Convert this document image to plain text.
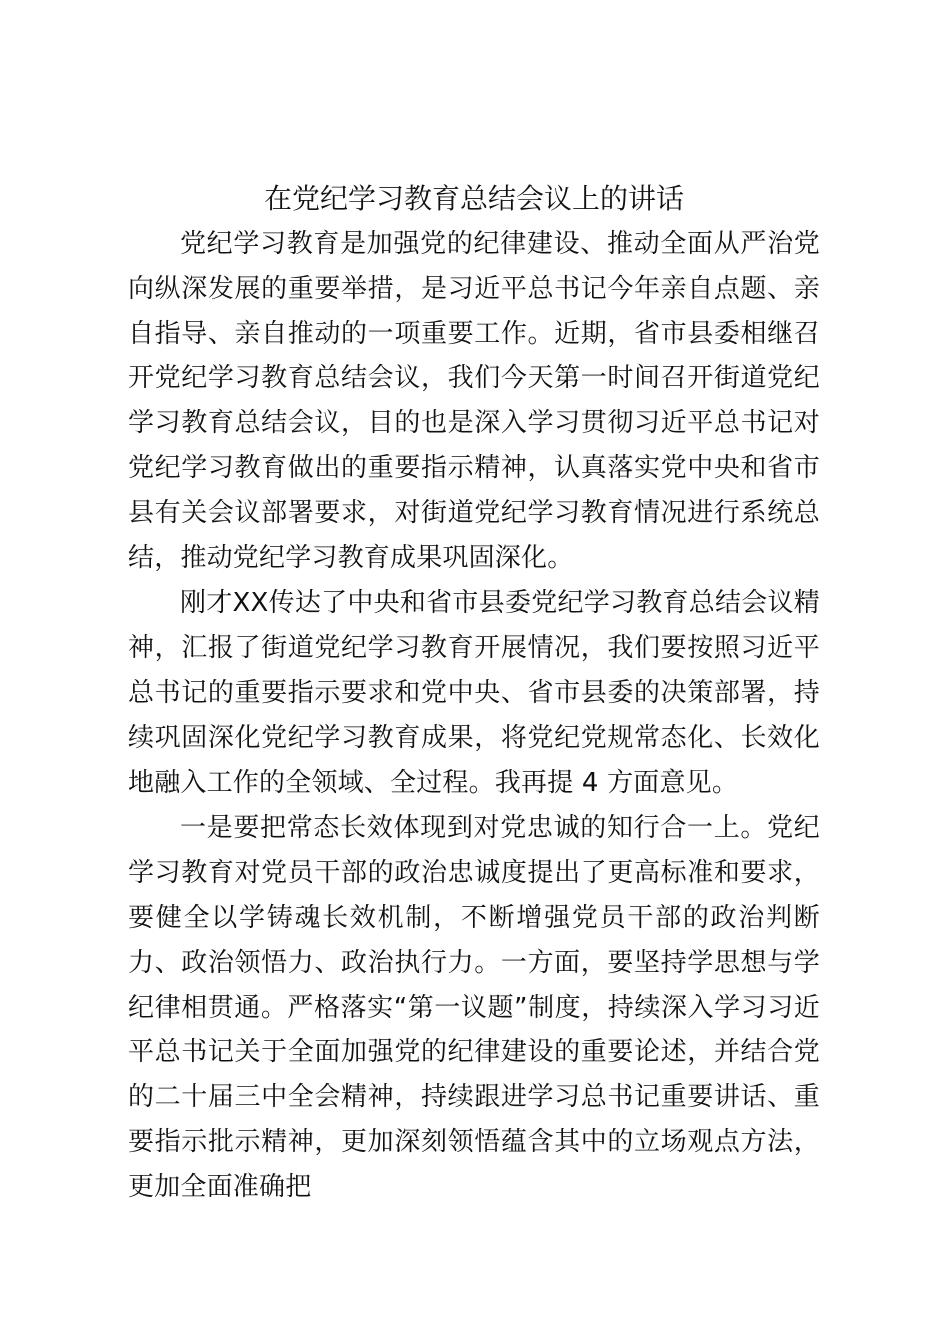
在党纪学习教育总结会议上的讲话

党纪学习教育是加强党的纪律建设、推动全面从严治党向纵深发展的重要举措，是习近平总书记今年亲自点题、亲自指导、亲自推动的一项重要工作。近期，省市县委相继召开党纪学习教育总结会议，我们今天第一时间召开街道党纪学习教育总结会议，目的也是深入学习贯彻习近平总书记对党纪学习教育做出的重要指示精神，认真落实党中央和省市县有关会议部署要求，对街道党纪学习教育情况进行系统总结，推动党纪学习教育成果巩固深化。

刚才XX传达了中央和省市县委党纪学习教育总结会议精神，汇报了街道党纪学习教育开展情况，我们要按照习近平总书记的重要指示要求和党中央、省市县委的决策部署，持续巩固深化党纪学习教育成果，将党纪党规常态化、长效化地融入工作的全领域、全过程。我再提 4 方面意见。

一是要把常态长效体现到对党忠诚的知行合一上。党纪学习教育对党员干部的政治忠诚度提出了更高标准和要求，要健全以学铸魂长效机制，不断增强党员干部的政治判断力、政治领悟力、政治执行力。一方面，要坚持学思想与学纪律相贯通。严格落实“第一议题”制度，持续深入学习习近平总书记关于全面加强党的纪律建设的重要论述，并结合党的二十届三中全会精神，持续跟进学习总书记重要讲话、重要指示批示精神，更加深刻领悟蕴含其中的立场观点方法，更加全面准确把
